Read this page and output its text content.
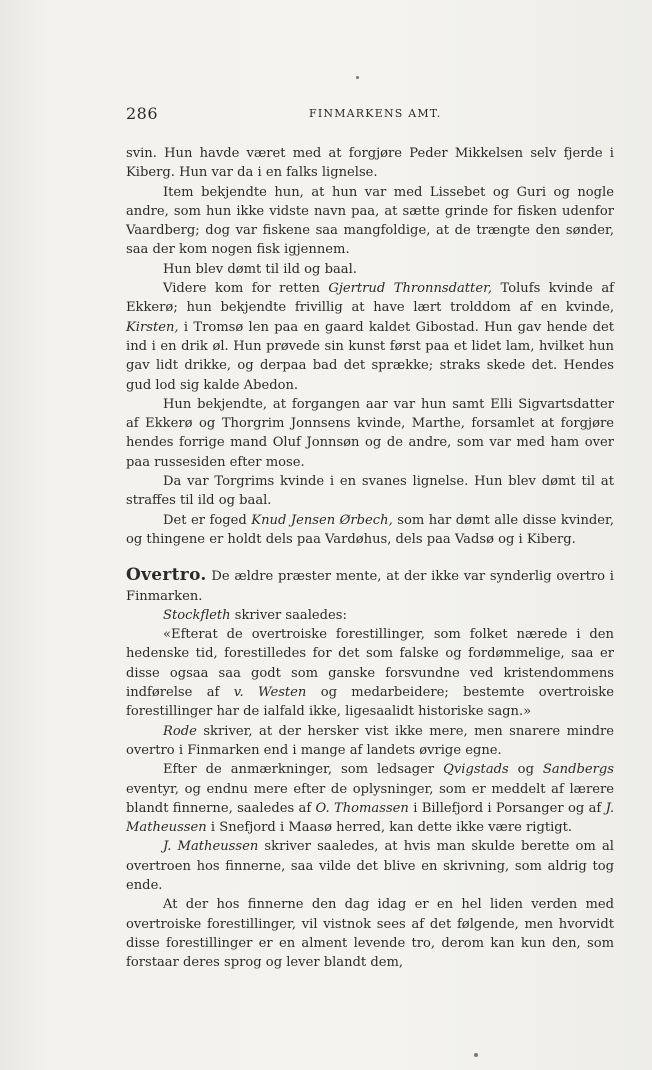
286	FINMARKENS AMT.

svin. Hun havde været med at forgjøre Peder Mikkelsen selv fjerde i Kiberg. Hun var da i en falks lignelse.

Item bekjendte hun, at hun var med Lissebet og Guri og nogle andre, som hun ikke vidste navn paa, at sætte grinde for fisken udenfor Vaardberg; dog var fiskene saa mangfoldige, at de trængte den sønder, saa der kom nogen fisk igjennem.

Hun blev dømt til ild og baal.

Videre kom for retten Gjertrud Thronnsdatter, Tolufs kvinde af Ekkerø; hun bekjendte frivillig at have lært trolddom af en kvinde, Kirsten, i Tromsø len paa en gaard kaldet Gibostad. Hun gav hende det ind i en drik øl. Hun prøvede sin kunst først paa et lidet lam, hvilket hun gav lidt drikke, og derpaa bad det sprække; straks skede det. Hendes gud lod sig kalde Abedon.

Hun bekjendte, at forgangen aar var hun samt Elli Sigvartsdatter af Ekkerø og Thorgrim Jonnsens kvinde, Marthe, forsamlet at forgjøre hendes forrige mand Oluf Jonnsøn og de andre, som var med ham over paa russesiden efter mose.

Da var Torgrims kvinde i en svanes lignelse. Hun blev dømt til at straffes til ild og baal.

Det er foged Knud Jensen Ørbech, som har dømt alle disse kvinder, og thingene er holdt dels paa Vardøhus, dels paa Vadsø og i Kiberg.

Overtro. De ældre præster mente, at der ikke var synderlig overtro i Finmarken.

Stockfleth skriver saaledes:

«Efterat de overtroiske forestillinger, som folket nærede i den hedenske tid, forestilledes for det som falske og fordømmelige, saa er disse ogsaa saa godt som ganske forsvundne ved kristendommens indførelse af v. Westen og medarbeidere; bestemte overtroiske forestillinger har de ialfald ikke, ligesaalidt historiske sagn.»

Rode skriver, at der hersker vist ikke mere, men snarere mindre overtro i Finmarken end i mange af landets øvrige egne.

Efter de anmærkninger, som ledsager Qvigstads og Sandbergs eventyr, og endnu mere efter de oplysninger, som er meddelt af lærere blandt finnerne, saaledes af O. Thomassen i Billefjord i Porsanger og af J. Matheussen i Snefjord i Maasø herred, kan dette ikke være rigtigt.

J. Matheussen skriver saaledes, at hvis man skulde berette om al overtroen hos finnerne, saa vilde det blive en skrivning, som aldrig tog ende.

At der hos finnerne den dag idag er en hel liden verden med overtroiske forestillinger, vil vistnok sees af det følgende, men hvorvidt disse forestillinger er en alment levende tro, derom kan kun den, som forstaar deres sprog og lever blandt dem,
